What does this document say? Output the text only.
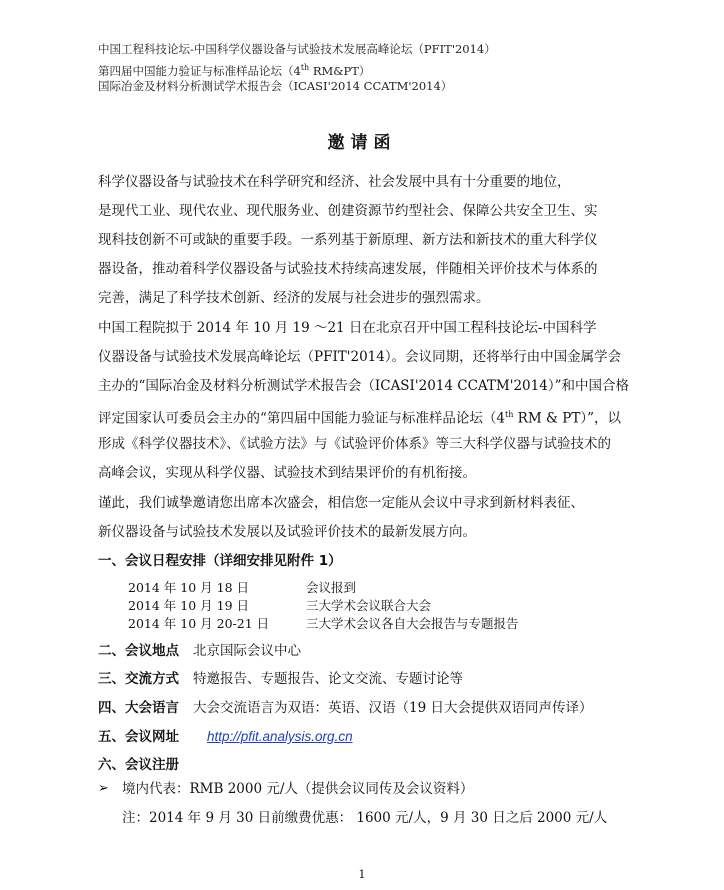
中国工程科技论坛-中国科学仪器设备与试验技术发展高峰论坛（PFIT'2014）
第四届中国能力验证与标准样品论坛（4th RM&PT）
国际冶金及材料分析测试学术报告会（ICASI'2014 CCATM'2014）
邀请函
科学仪器设备与试验技术在科学研究和经济、社会发展中具有十分重要的地位，
是现代工业、现代农业、现代服务业、创建资源节约型社会、保障公共安全卫生、实
现科技创新不可或缺的重要手段。一系列基于新原理、新方法和新技术的重大科学仪
器设备，推动着科学仪器设备与试验技术持续高速发展，伴随相关评价技术与体系的
完善，满足了科学技术创新、经济的发展与社会进步的强烈需求。
中国工程院拟于 2014 年 10 月 19 ～21 日在北京召开中国工程科技论坛-中国科学
仪器设备与试验技术发展高峰论坛（PFIT'2014）。会议同期，还将举行由中国金属学会
主办的“国际冶金及材料分析测试学术报告会（ICASI'2014 CCATM'2014）”和中国合格
评定国家认可委员会主办的“第四届中国能力验证与标准样品论坛（4th RM & PT）”，以
形成《科学仪器技术》、《试验方法》与《试验评价体系》等三大科学仪器与试验技术的
高峰会议，实现从科学仪器、试验技术到结果评价的有机衔接。
谨此，我们诚挚邀请您出席本次盛会，相信您一定能从会议中寻求到新材料表征、
新仪器设备与试验技术发展以及试验评价技术的最新发展方向。
一、会议日程安排（详细安排见附件 1）
2014 年 10 月 18 日	会议报到
2014 年 10 月 19 日	三大学术会议联合大会
2014 年 10 月 20-21 日	三大学术会议各自大会报告与专题报告
二、会议地点 北京国际会议中心
三、交流方式 特邀报告、专题报告、论文交流、专题讨论等
四、大会语言 大会交流语言为双语：英语、汉语（19 日大会提供双语同声传译）
五、会议网址 http://pfit.analysis.org.cn
六、会议注册
➢ 境内代表：RMB 2000 元/人（提供会议同传及会议资料）
注：2014 年 9 月 30 日前缴费优惠： 1600 元/人，9 月 30 日之后 2000 元/人
1
